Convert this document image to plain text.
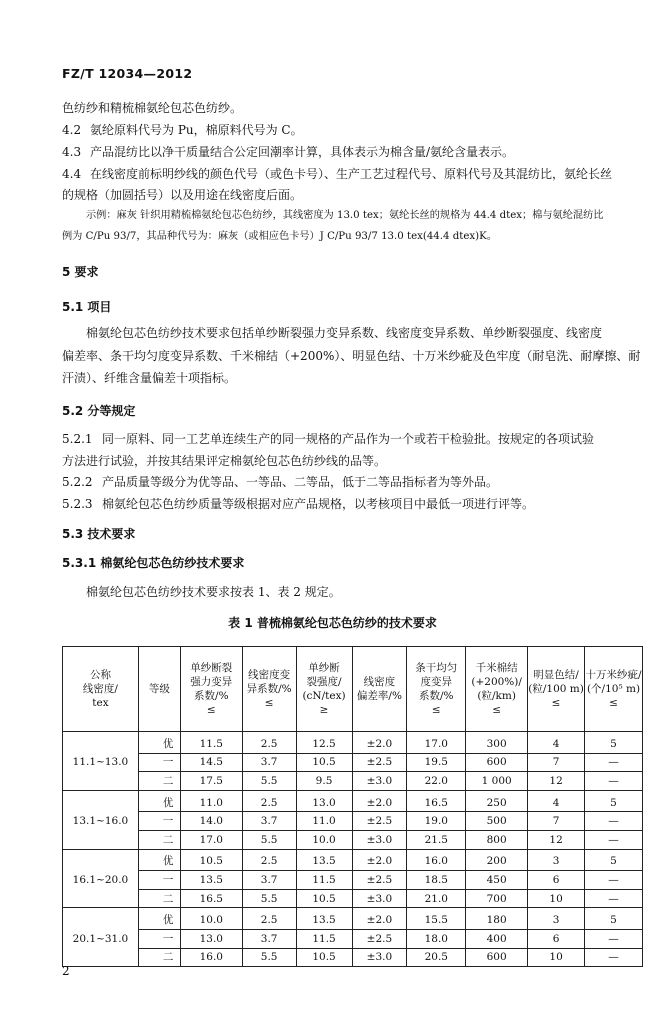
FZ/T 12034—2012
色纺纱和精梳棉氨纶包芯色纺纱。
4.2 氨纶原料代号为 Pu，棉原料代号为 C。
4.3 产品混纺比以净干质量结合公定回潮率计算，具体表示为棉含量/氨纶含量表示。
4.4 在线密度前标明纱线的颜色代号（或色卡号）、生产工艺过程代号、原料代号及其混纺比，氨纶长丝
的规格（加圆括号）以及用途在线密度后面。
示例：麻灰 针织用精梳棉氨纶包芯色纺纱，其线密度为 13.0 tex；氨纶长丝的规格为 44.4 dtex；棉与氨纶混纺比
例为 C/Pu 93/7，其品种代号为：麻灰（或相应色卡号）J C/Pu 93/7 13.0 tex(44.4 dtex)K。
5 要求
5.1 项目
棉氨纶包芯色纺纱技术要求包括单纱断裂强力变异系数、线密度变异系数、单纱断裂强度、线密度
偏差率、条干均匀度变异系数、千米棉结（+200%）、明显色结、十万米纱疵及色牢度（耐皂洗、耐摩擦、耐
汗渍）、纤维含量偏差十项指标。
5.2 分等规定
5.2.1 同一原料、同一工艺单连续生产的同一规格的产品作为一个或若干检验批。按规定的各项试验
方法进行试验，并按其结果评定棉氨纶包芯色纺纱线的品等。
5.2.2 产品质量等级分为优等品、一等品、二等品，低于二等品指标者为等外品。
5.2.3 棉氨纶包芯色纺纱质量等级根据对应产品规格，以考核项目中最低一项进行评等。
5.3 技术要求
5.3.1 棉氨纶包芯色纺纱技术要求
棉氨纶包芯色纺纱技术要求按表 1、表 2 规定。
表 1 普梳棉氨纶包芯色纺纱的技术要求
公称
线密度/
tex	等级	单纱断裂
强力变异
系数/%
≤	线密度变
异系数/%
≤	单纱断
裂强度/
(cN/tex)
≥	线密度
偏差率/%	条干均匀
度变异
系数/%
≤	千米棉结
(+200%)/
(粒/km)
≤	明显色结/
(粒/100 m)
≤	十万米纱疵/
(个/10⁵ m)
≤
11.1~13.0	优	11.5	2.5	12.5	±2.0	17.0	300	4	5
	一	14.5	3.7	10.5	±2.5	19.5	600	7	—
	二	17.5	5.5	9.5	±3.0	22.0	1 000	12	—
13.1~16.0	优	11.0	2.5	13.0	±2.0	16.5	250	4	5
	一	14.0	3.7	11.0	±2.5	19.0	500	7	—
	二	17.0	5.5	10.0	±3.0	21.5	800	12	—
16.1~20.0	优	10.5	2.5	13.5	±2.0	16.0	200	3	5
	一	13.5	3.7	11.5	±2.5	18.5	450	6	—
	二	16.5	5.5	10.5	±3.0	21.0	700	10	—
20.1~31.0	优	10.0	2.5	13.5	±2.0	15.5	180	3	5
	一	13.0	3.7	11.5	±2.5	18.0	400	6	—
	二	16.0	5.5	10.5	±3.0	20.5	600	10	—
2
